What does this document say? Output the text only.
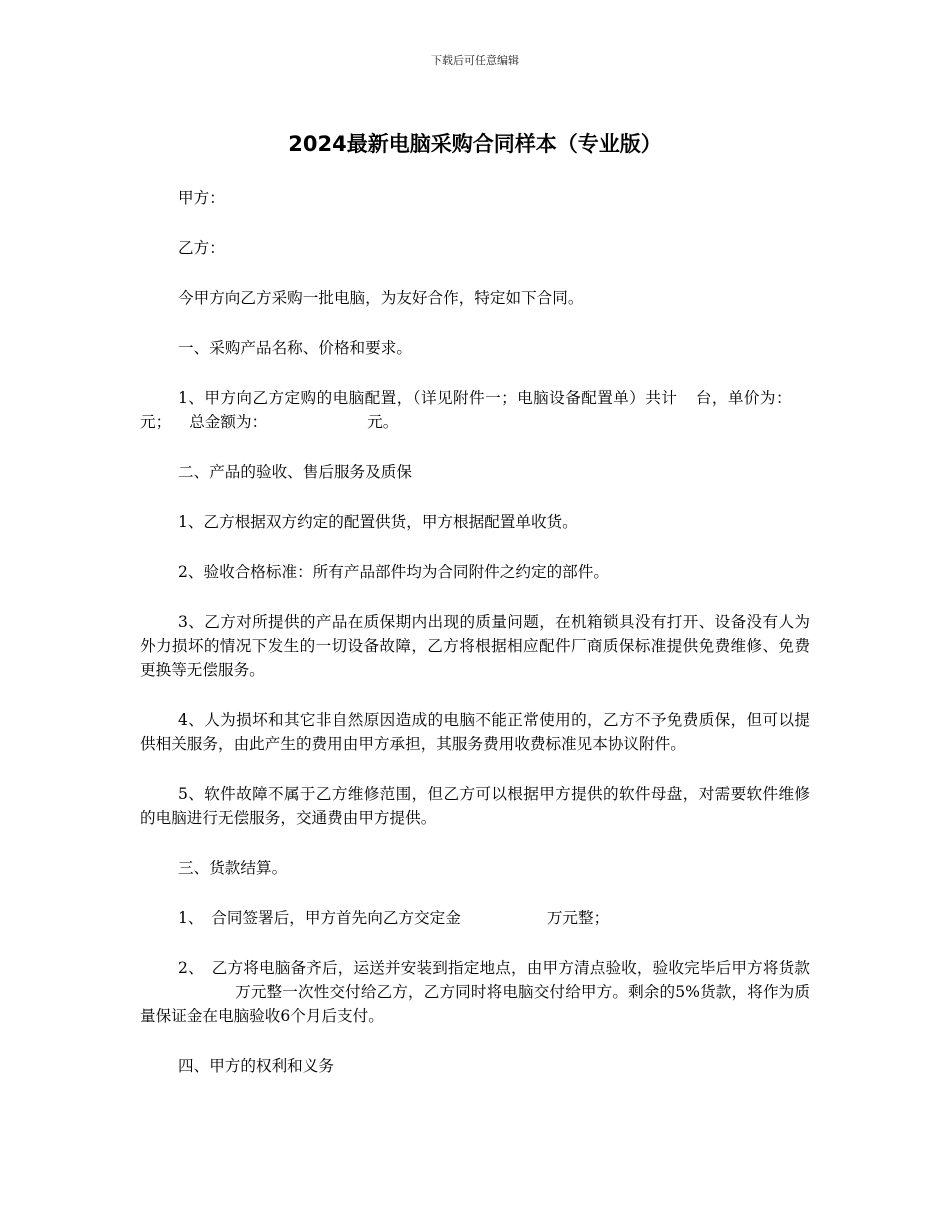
下载后可任意编辑
2024最新电脑采购合同样本（专业版）

甲方：

乙方：

今甲方向乙方采购一批电脑，为友好合作，特定如下合同。

一、采购产品名称、价格和要求。

1、甲方向乙方定购的电脑配置，（详见附件一；电脑设备配置单）共计 台，单价为：元； 总金额为：	元。

二、产品的验收、售后服务及质保

1、乙方根据双方约定的配置供货，甲方根据配置单收货。

2、验收合格标准：所有产品部件均为合同附件之约定的部件。

3、乙方对所提供的产品在质保期内出现的质量问题，在机箱锁具没有打开、设备没有人为外力损坏的情况下发生的一切设备故障，乙方将根据相应配件厂商质保标准提供免费维修、免费更换等无偿服务。

4、人为损坏和其它非自然原因造成的电脑不能正常使用的，乙方不予免费质保，但可以提供相关服务，由此产生的费用由甲方承担，其服务费用收费标准见本协议附件。

5、软件故障不属于乙方维修范围，但乙方可以根据甲方提供的软件母盘，对需要软件维修的电脑进行无偿服务，交通费由甲方提供。

三、货款结算。

1、　合同签署后，甲方首先向乙方交定金	万元整；

2、　乙方将电脑备齐后，运送并安装到指定地点，由甲方清点验收，验收完毕后甲方将货款万元整一次性交付给乙方，乙方同时将电脑交付给甲方。剩余的5%货款，将作为质量保证金在电脑验收6个月后支付。

四、甲方的权利和义务
